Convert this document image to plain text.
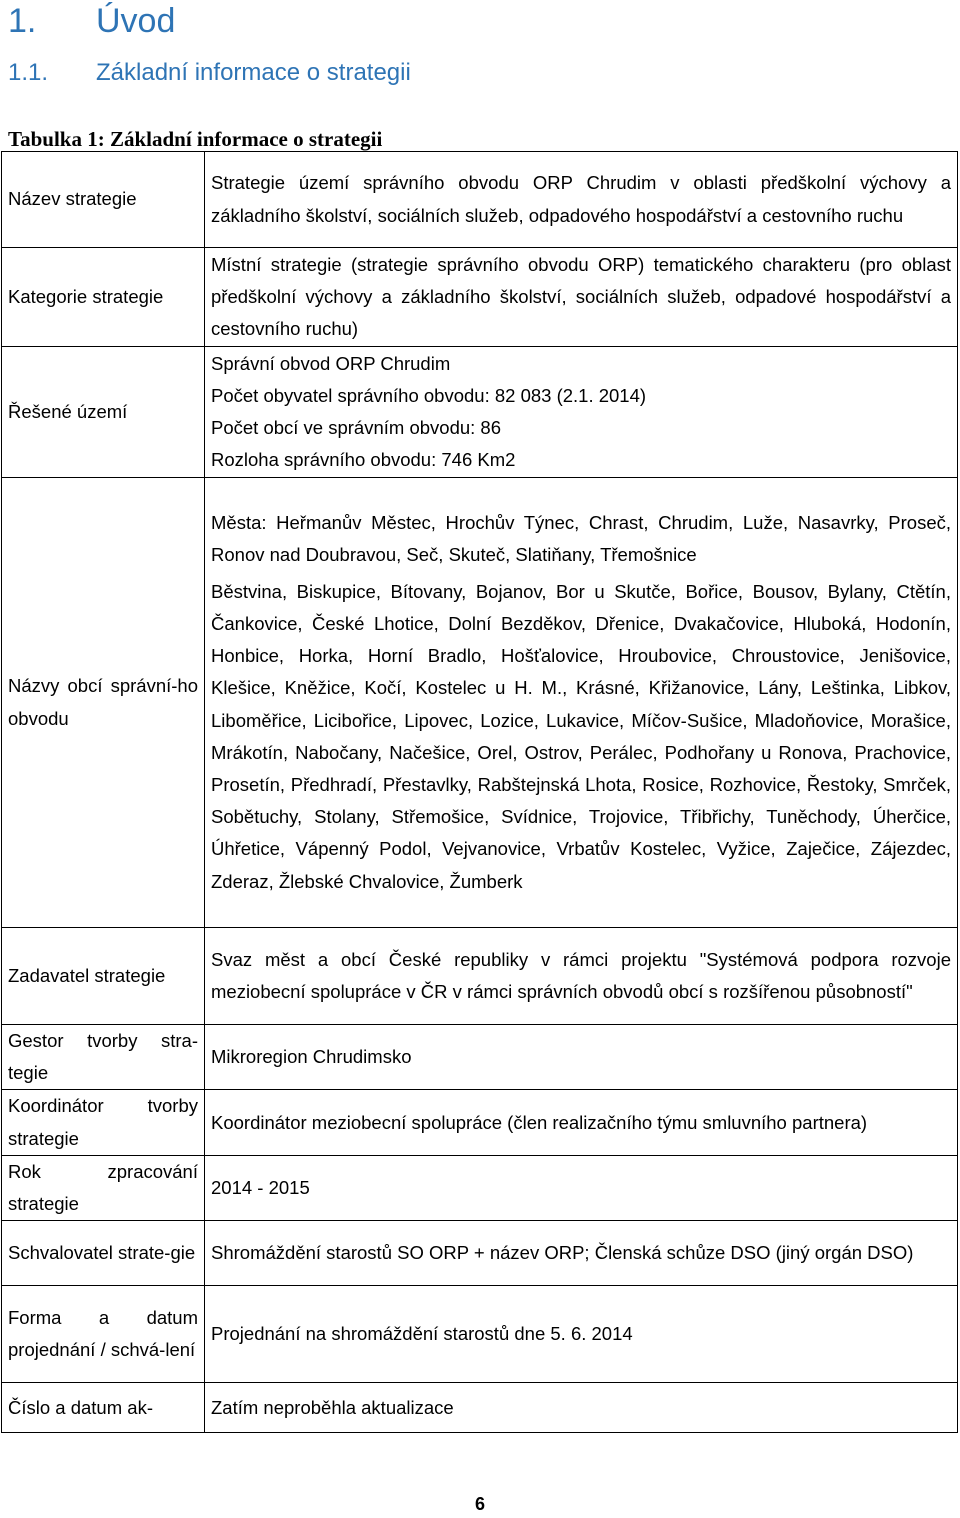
1. Úvod
1.1. Základní informace o strategii
Tabulka 1: Základní informace o strategii
Název strategie	Strategie území správního obvodu ORP Chrudim v oblasti předškolní výchovy a základního školství, sociálních služeb, odpadového hospodářství a cestovního ruchu
Kategorie strategie	Místní strategie (strategie správního obvodu ORP) tematického charakteru (pro oblast předškolní výchovy a základního školství, sociálních služeb, odpadové hospodářství a cestovního ruchu)
Řešené území	Správní obvod ORP Chrudim
Počet obyvatel správního obvodu: 82 083 (2.1. 2014)
Počet obcí ve správním obvodu: 86
Rozloha správního obvodu: 746 Km2

Názvy obcí správní-ho obvodu	Města: Heřmanův Městec, Hrochův Týnec, Chrast, Chrudim, Luže, Nasavrky, Proseč, Ronov nad Doubravou, Seč, Skuteč, Slatiňany, Třemošnice
Běstvina, Biskupice, Bítovany, Bojanov, Bor u Skutče, Bořice, Bousov, Bylany, Ctětín, Čankovice, České Lhotice, Dolní Bezděkov, Dřenice, Dvakačovice, Hluboká, Hodonín, Honbice, Horka, Horní Bradlo, Hošťalovice, Hroubovice, Chroustovice, Jenišovice, Klešice, Kněžice, Kočí, Kostelec u H. M., Krásné, Křižanovice, Lány, Leštinka, Libkov, Liboměřice, Licibořice, Lipovec, Lozice, Lukavice, Míčov-Sušice, Mladoňovice, Morašice, Mrákotín, Nabočany, Načešice, Orel, Ostrov, Perálec, Podhořany u Ronova, Prachovice, Prosetín, Předhradí, Přestavlky, Rabštejnská Lhota, Rosice, Rozhovice, Řestoky, Smrček, Sobětuchy, Stolany, Střemošice, Svídnice, Trojovice, Třibřichy, Tuněchody, Úherčice, Úhřetice, Vápenný Podol, Vejvanovice, Vrbatův Kostelec, Vyžice, Zaječice, Zájezdec, Zderaz, Žlebské Chvalovice, Žumberk

Zadavatel strategie	Svaz měst a obcí České republiky v rámci projektu "Systémová podpora rozvoje meziobecní spolupráce v ČR v rámci správních obvodů obcí s rozšířenou působností"
Gestor tvorby stra-tegie	Mikroregion Chrudimsko
Koordinátor tvorby strategie	Koordinátor meziobecní spolupráce (člen realizačního týmu smluvního partnera)
Rok zpracování strategie	2014 - 2015
Schvalovatel strate-gie	Shromáždění starostů SO ORP + název ORP; Členská schůze DSO (jiný orgán DSO)
Forma a datum projednání / schvá-lení	Projednání na shromáždění starostů dne 5. 6. 2014
Číslo a datum ak-	Zatím neproběhla aktualizace
6
